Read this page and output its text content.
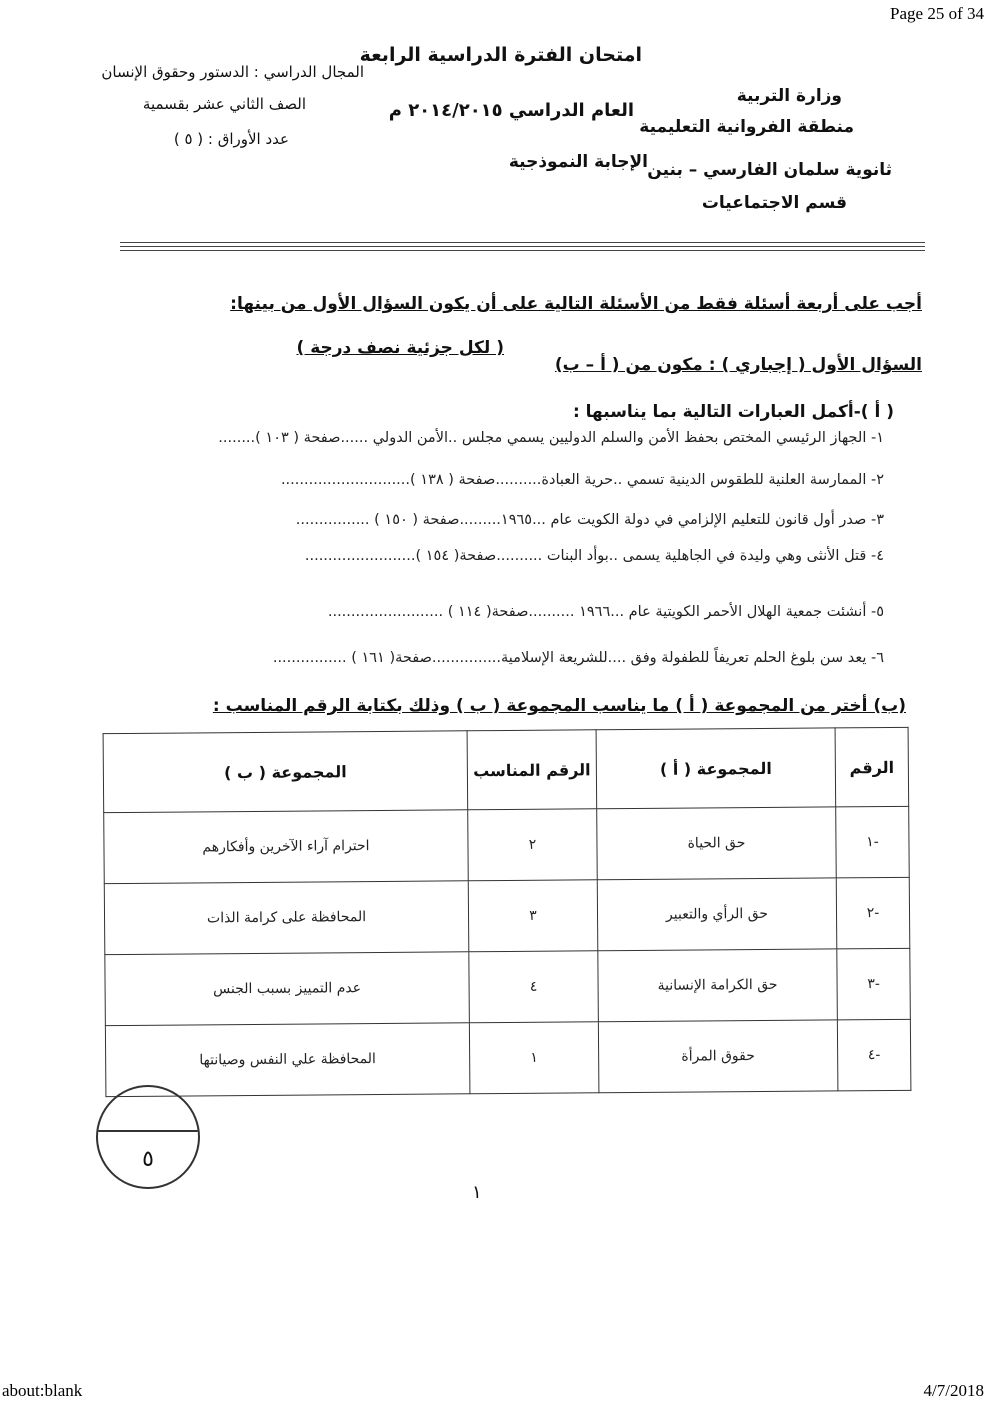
Page 25 of 34
about:blank	4/7/2018
وزارة التربية
منطقة الفروانية التعليمية
ثانوية سلمان الفارسي – بنين
قسم الاجتماعيات
امتحان الفترة الدراسية الرابعة
العام الدراسي ٢٠١٤/٢٠١٥ م
الإجابة النموذجية
المجال الدراسي : الدستور وحقوق الإنسان
الصف الثاني عشر بقسمية
عدد الأوراق : ( ٥ )
أجب على أربعة أسئلة فقط من الأسئلة التالية على أن يكون السؤال الأول من بينها:
السؤال الأول ( إجباري ) : مكون من ( أ – ب)
( لكل جزئية نصف درجة )
( أ )-أكمل العبارات التالية بما يناسبها :
١- الجهاز الرئيسي المختص بحفظ الأمن والسلم الدوليين يسمي مجلس ..الأمن الدولي ......صفحة ( ١٠٣ )........
٢- الممارسة العلنية للطقوس الدينية تسمي ..حرية العبادة..........صفحة ( ١٣٨ )............................
٣- صدر أول قانون للتعليم الإلزامي في دولة الكويت عام ...١٩٦٥.........صفحة ( ١٥٠ ) ................
٤- قتل الأنثى وهي وليدة في الجاهلية يسمى ..بوأد البنات ..........صفحة( ١٥٤ )........................
٥- أنشئت جمعية الهلال الأحمر الكويتية عام ...١٩٦٦ ..........صفحة( ١١٤ ) .........................
٦- يعد سن بلوغ الحلم تعريفاً للطفولة وفق ....للشريعة الإسلامية...............صفحة( ١٦١ ) ................
(ب) أختر من المجموعة ( أ ) ما يناسب المجموعة ( ب ) وذلك بكتابة الرقم المناسب :
الرقم	المجموعة ( أ )	الرقم المناسب	المجموعة ( ب )
-١	حق الحياة	٢	احترام آراء الآخرين وأفكارهم
-٢	حق الرأي والتعبير	٣	المحافظة على كرامة الذات
-٣	حق الكرامة الإنسانية	٤	عدم التمييز بسبب الجنس
-٤	حقوق المرأة	١	المحافظة علي النفس وصيانتها
٥
١
